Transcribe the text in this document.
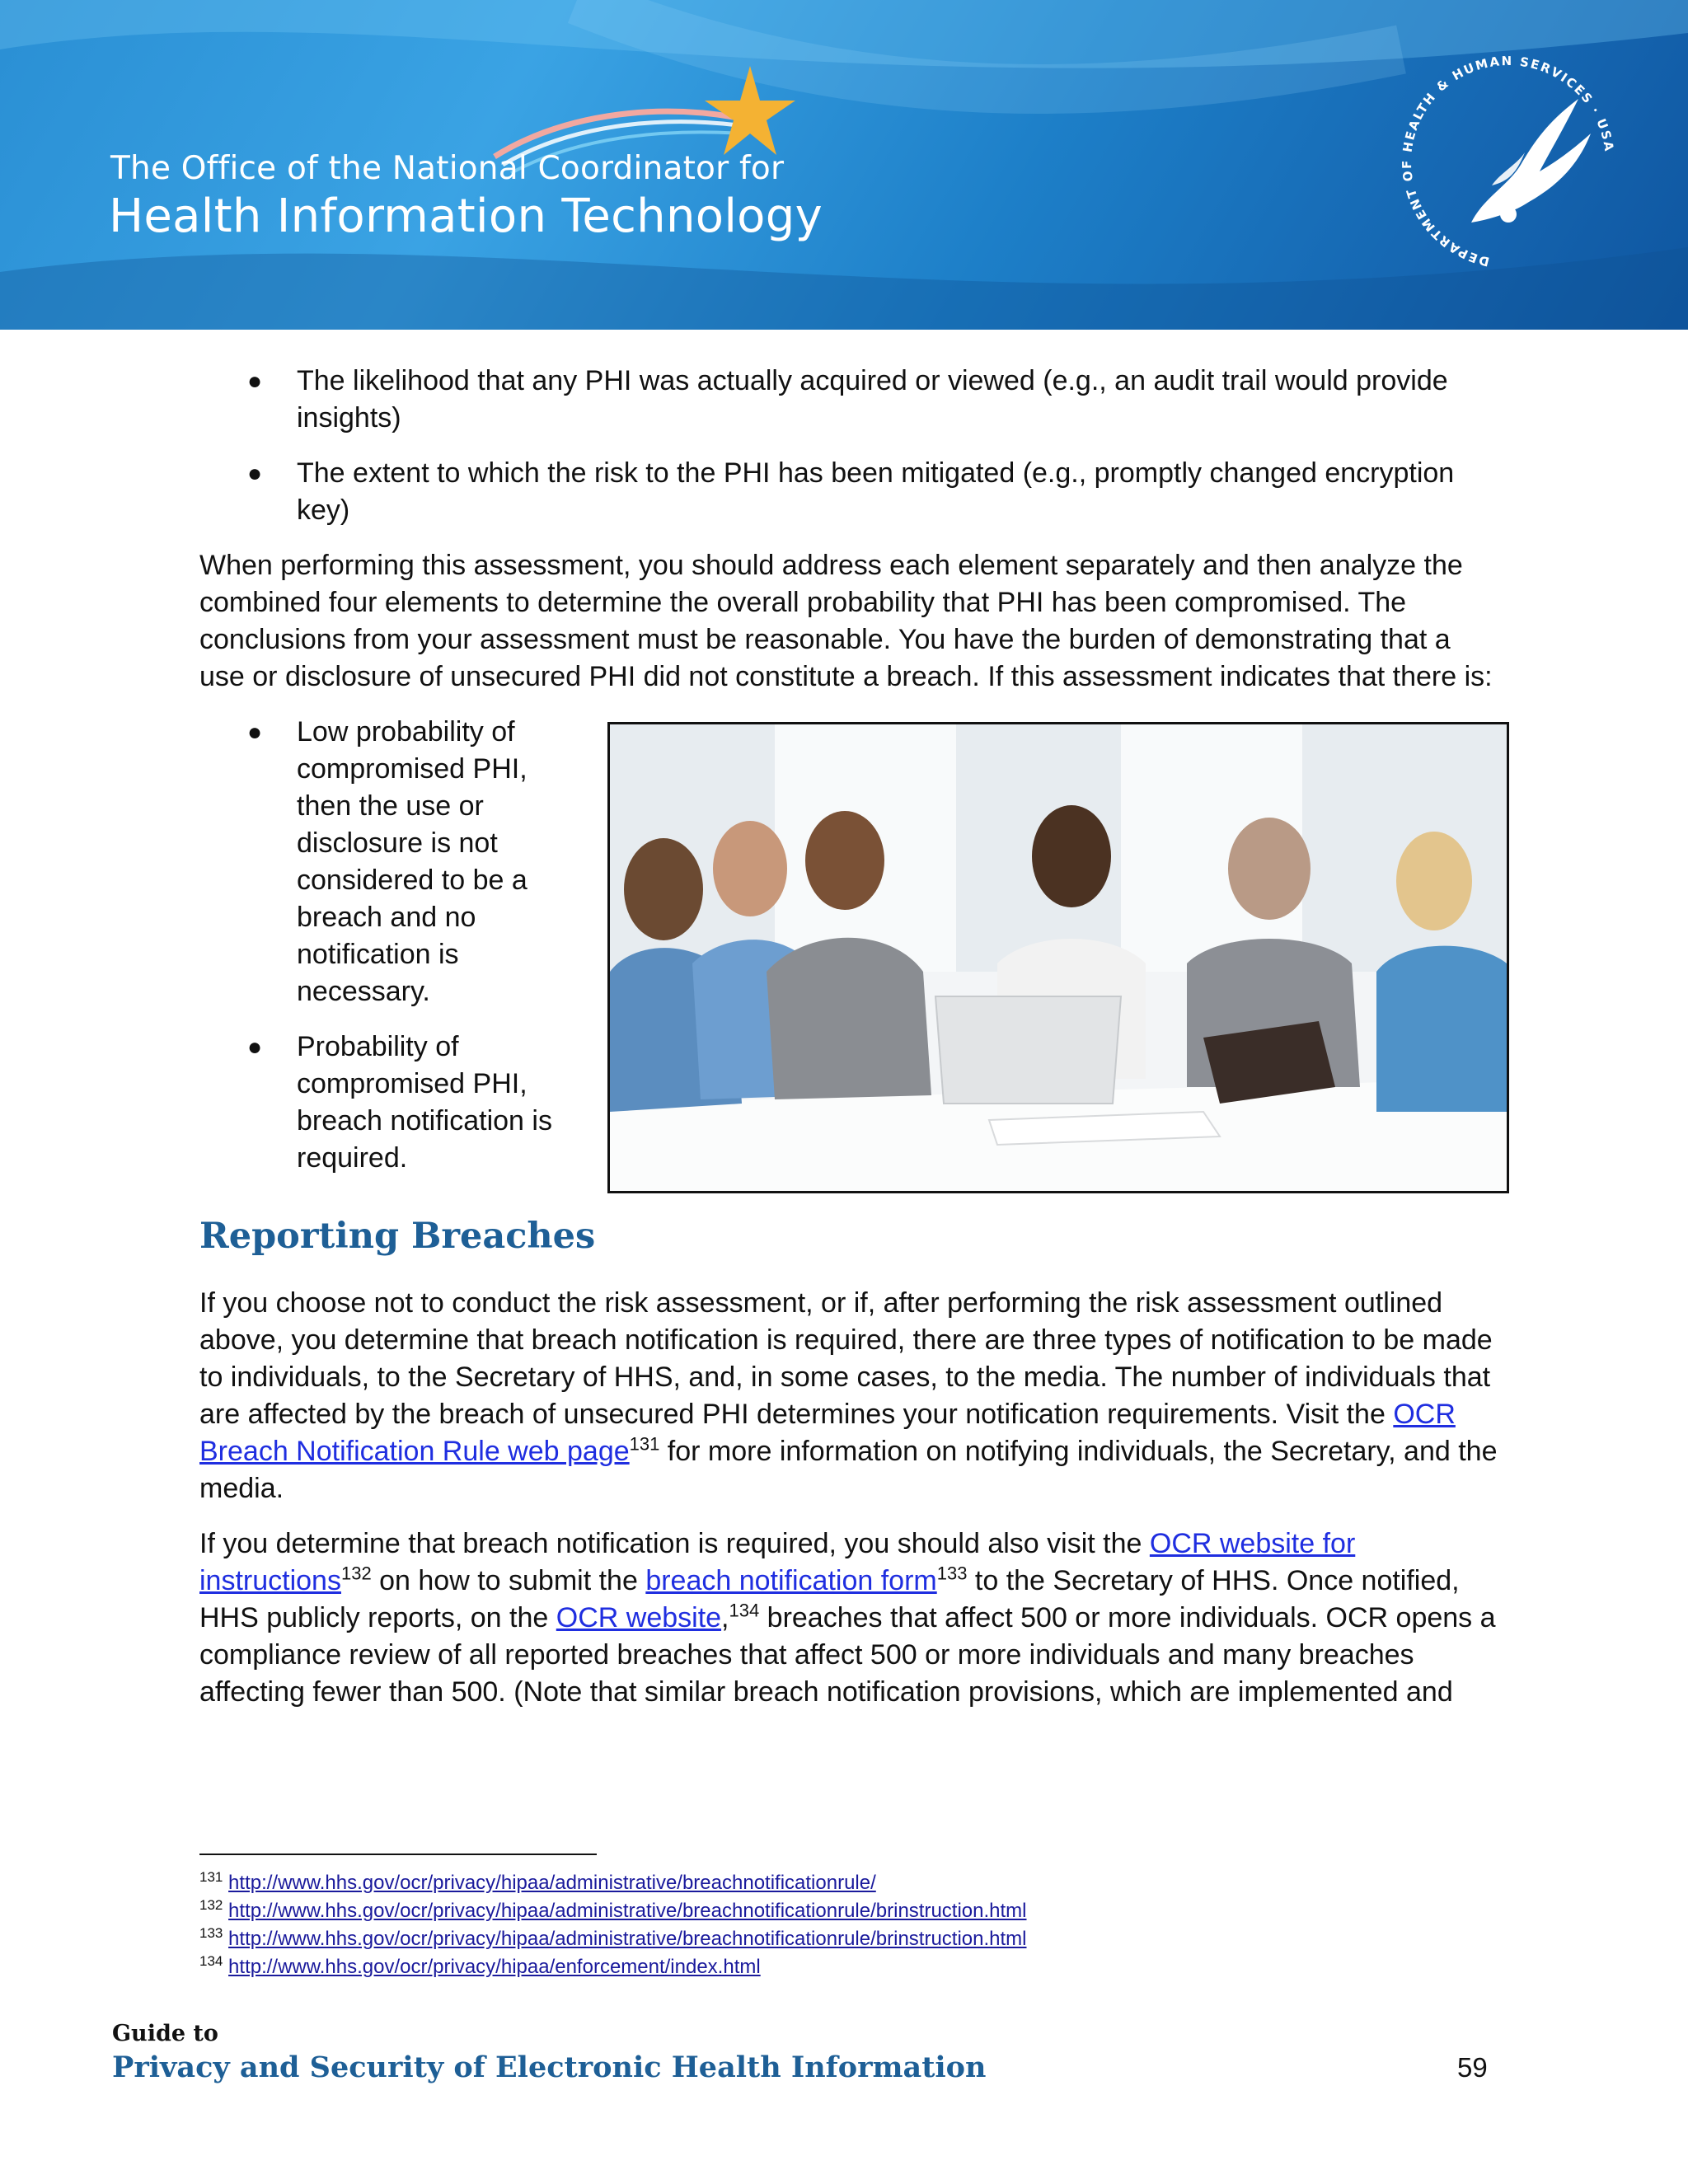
The Office of the National Coordinator for
Health Information Technology
DEPARTMENT OF HEALTH & HUMAN SERVICES · USA
● The likelihood that any PHI was actually acquired or viewed (e.g., an audit trail would provide insights)
● The extent to which the risk to the PHI has been mitigated (e.g., promptly changed encryption key)

When performing this assessment, you should address each element separately and then analyze the combined four elements to determine the overall probability that PHI has been compromised. The conclusions from your assessment must be reasonable. You have the burden of demonstrating that a use or disclosure of unsecured PHI did not constitute a breach. If this assessment indicates that there is:

● Low probability of compromised PHI, then the use or disclosure is not considered to be a breach and no notification is necessary.
● Probability of compromised PHI, breach notification is required.
Reporting Breaches

If you choose not to conduct the risk assessment, or if, after performing the risk assessment outlined above, you determine that breach notification is required, there are three types of notification to be made to individuals, to the Secretary of HHS, and, in some cases, to the media. The number of individuals that are affected by the breach of unsecured PHI determines your notification requirements. Visit the OCR Breach Notification Rule web page$^{131}$ for more information on notifying individuals, the Secretary, and the media.

If you determine that breach notification is required, you should also visit the OCR website for instructions$^{132}$ on how to submit the breach notification form$^{133}$ to the Secretary of HHS. Once notified, HHS publicly reports, on the OCR website,$^{134}$ breaches that affect 500 or more individuals. OCR opens a compliance review of all reported breaches that affect 500 or more individuals and many breaches affecting fewer than 500. (Note that similar breach notification provisions, which are implemented and

$^{131}$ http://www.hhs.gov/ocr/privacy/hipaa/administrative/breachnotificationrule/
$^{132}$ http://www.hhs.gov/ocr/privacy/hipaa/administrative/breachnotificationrule/brinstruction.html
$^{133}$ http://www.hhs.gov/ocr/privacy/hipaa/administrative/breachnotificationrule/brinstruction.html
$^{134}$ http://www.hhs.gov/ocr/privacy/hipaa/enforcement/index.html
Guide to
Privacy and Security of Electronic Health Information	59
